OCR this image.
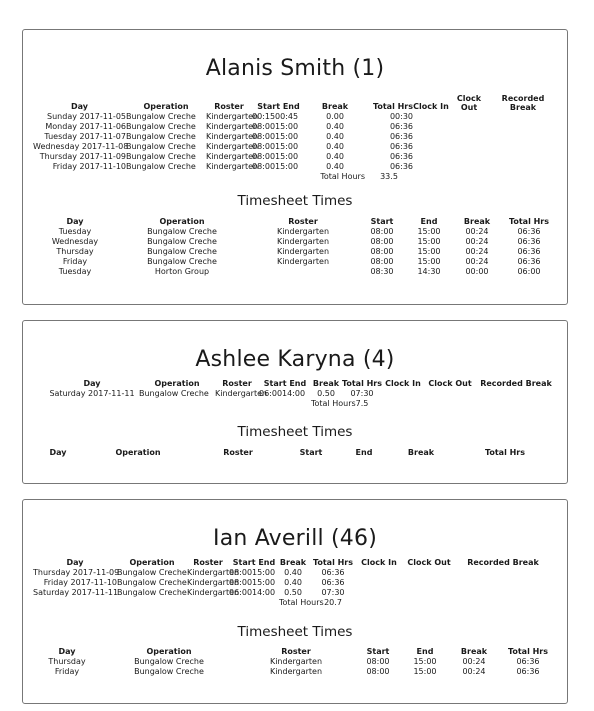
Alanis Smith (1)
Day	Operation	Roster	Start End	Break	Total Hrs	Clock In	Clock Out	Recorded Break
Sunday 2017-11-05	Bungalow Creche	Kindergarten	00:1500:45	0.00	00:30			
Monday 2017-11-06	Bungalow Creche	Kindergarten	08:0015:00	0.40	06:36			
Tuesday 2017-11-07	Bungalow Creche	Kindergarten	08:0015:00	0.40	06:36			
Wednesday 2017-11-08	Bungalow Creche	Kindergarten	08:0015:00	0.40	06:36			
Thursday 2017-11-09	Bungalow Creche	Kindergarten	08:0015:00	0.40	06:36			
Friday 2017-11-10	Bungalow Creche	Kindergarten	08:0015:00	0.40	06:36			
				Total Hours	33.5			
Timesheet Times
Day	Operation	Roster	Start	End	Break	Total Hrs
Tuesday	Bungalow Creche	Kindergarten	08:00	15:00	00:24	06:36
Wednesday	Bungalow Creche	Kindergarten	08:00	15:00	00:24	06:36
Thursday	Bungalow Creche	Kindergarten	08:00	15:00	00:24	06:36
Friday	Bungalow Creche	Kindergarten	08:00	15:00	00:24	06:36
Tuesday	Horton Group		08:30	14:30	00:00	06:00
Ashlee Karyna (4)
Day	Operation	Roster	Start End	Break	Total Hrs	Clock In	Clock Out	Recorded Break
Saturday 2017-11-11	Bungalow Creche	Kindergarten	06:0014:00	0.50	07:30			
				Total Hours	7.5			
Timesheet Times
Day	Operation	Roster	Start	End	Break	Total Hrs
Ian Averill (46)
Day	Operation	Roster	Start End	Break	Total Hrs	Clock In	Clock Out	Recorded Break
Thursday 2017-11-09	Bungalow Creche	Kindergarten	08:0015:00	0.40	06:36			
Friday 2017-11-10	Bungalow Creche	Kindergarten	08:0015:00	0.40	06:36			
Saturday 2017-11-11	Bungalow Creche	Kindergarten	06:0014:00	0.50	07:30			
				Total Hours	20.7			
Timesheet Times
Day	Operation	Roster	Start	End	Break	Total Hrs
Thursday	Bungalow Creche	Kindergarten	08:00	15:00	00:24	06:36
Friday	Bungalow Creche	Kindergarten	08:00	15:00	00:24	06:36
